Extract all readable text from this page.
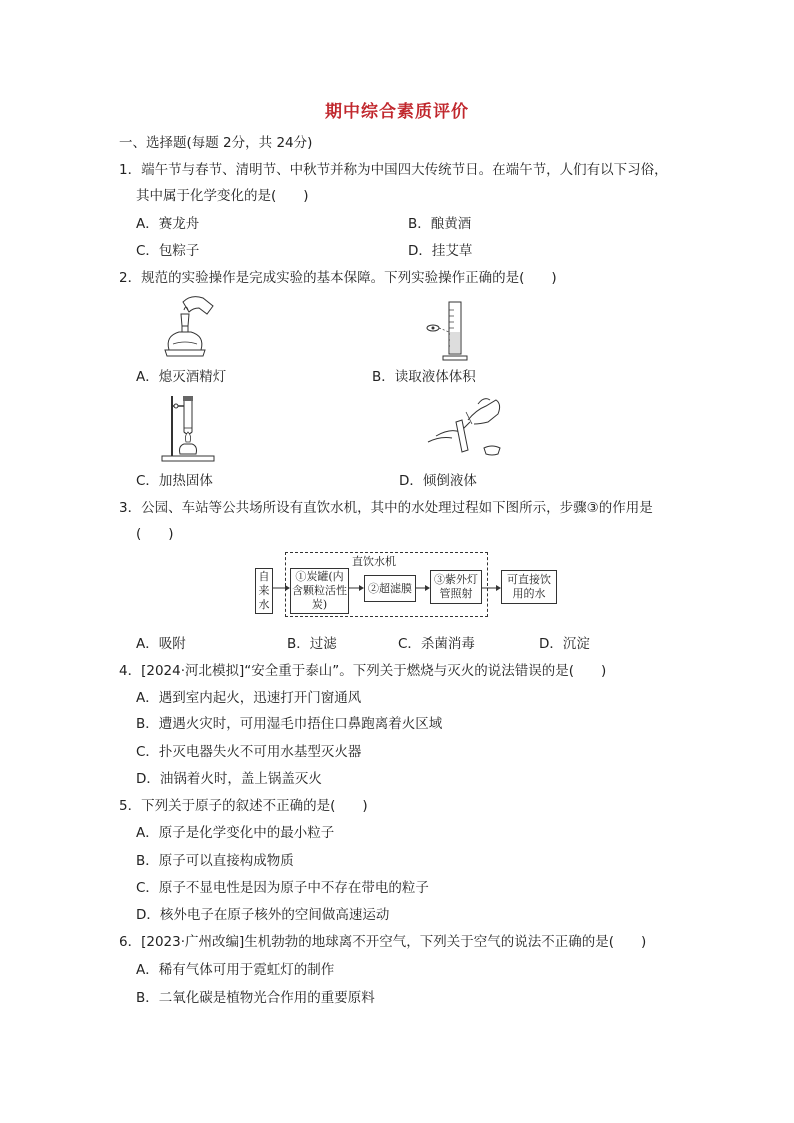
期中综合素质评价
一、选择题(每题 2分，共 24分)
1．端午节与春节、清明节、中秋节并称为中国四大传统节日。在端午节，人们有以下习俗，
其中属于化学变化的是(　　)
A．赛龙舟	B．酿黄酒
C．包粽子	D．挂艾草
2．规范的实验操作是完成实验的基本保障。下列实验操作正确的是(　　)
A．熄灭酒精灯	B．读取液体体积
C．加热固体	D．倾倒液体
3．公园、车站等公共场所设有直饮水机，其中的水处理过程如下图所示，步骤③的作用是
(　　)
直饮水机
自来水
①炭罐(内含颗粒活性炭)
②超滤膜
③紫外灯管照射
可直接饮用的水
A．吸附	B．过滤	C．杀菌消毒	D．沉淀
4．[2024·河北模拟]“安全重于泰山”。下列关于燃烧与灭火的说法错误的是(　　)
A．遇到室内起火，迅速打开门窗通风
B．遭遇火灾时，可用湿毛巾捂住口鼻跑离着火区域
C．扑灭电器失火不可用水基型灭火器
D．油锅着火时，盖上锅盖灭火
5．下列关于原子的叙述不正确的是(　　)
A．原子是化学变化中的最小粒子
B．原子可以直接构成物质
C．原子不显电性是因为原子中不存在带电的粒子
D．核外电子在原子核外的空间做高速运动
6．[2023·广州改编]生机勃勃的地球离不开空气，下列关于空气的说法不正确的是(　　)
A．稀有气体可用于霓虹灯的制作
B．二氧化碳是植物光合作用的重要原料
